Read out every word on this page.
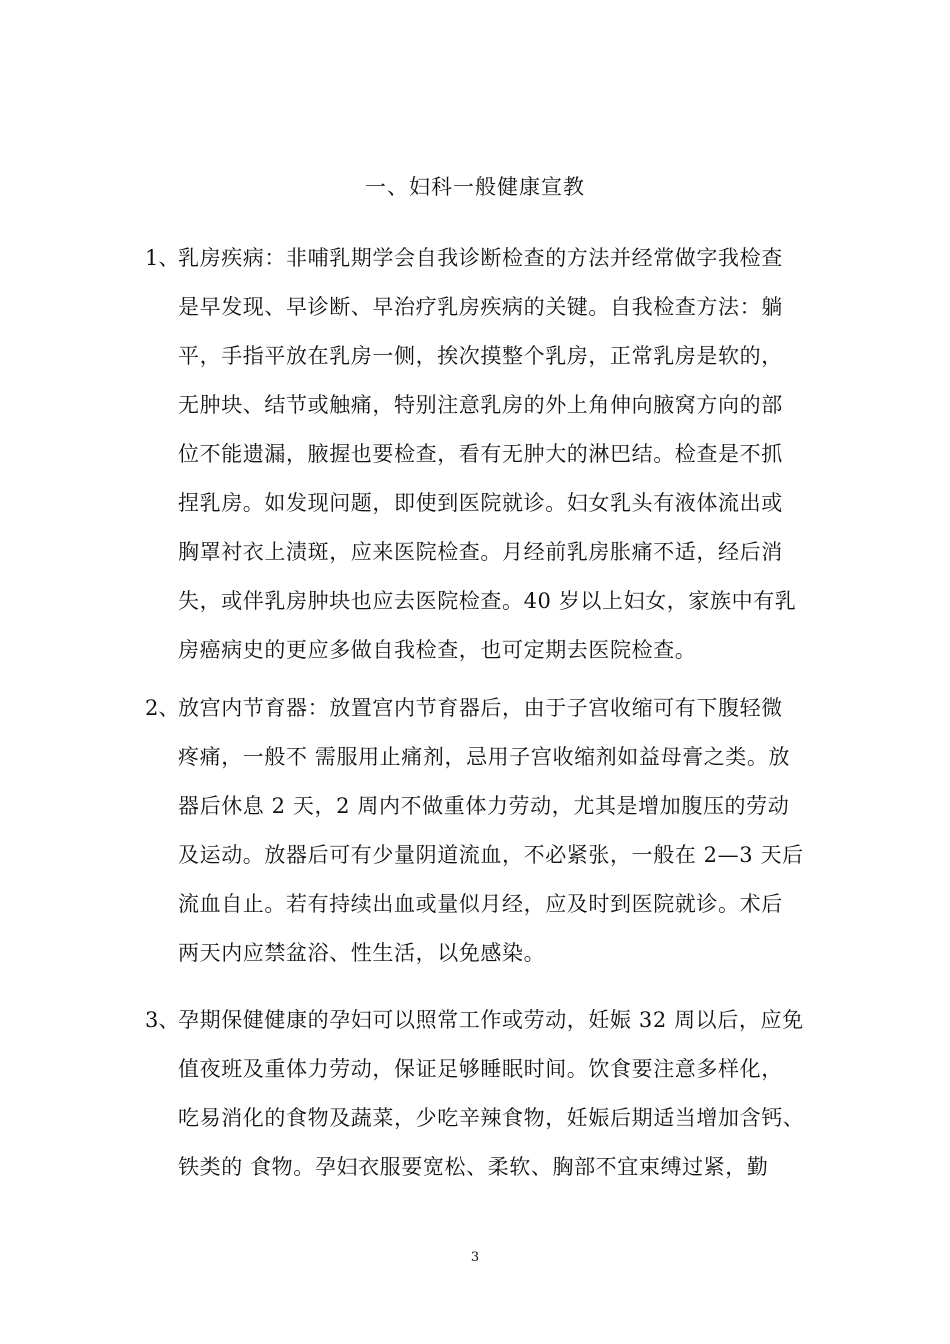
一、妇科一般健康宣教
1、
乳房疾病：非哺乳期学会自我诊断检查的方法并经常做字我检查
是早发现、早诊断、早治疗乳房疾病的关键。自我检查方法：躺
平，手指平放在乳房一侧，挨次摸整个乳房，正常乳房是软的，
无肿块、结节或触痛，特别注意乳房的外上角伸向腋窝方向的部
位不能遗漏，腋握也要检查，看有无肿大的淋巴结。检查是不抓
捏乳房。如发现问题，即使到医院就诊。妇女乳头有液体流出或
胸罩衬衣上渍斑，应来医院检查。月经前乳房胀痛不适，经后消
失，或伴乳房肿块也应去医院检查。40 岁以上妇女，家族中有乳
房癌病史的更应多做自我检查，也可定期去医院检查。
2、
放宫内节育器：放置宫内节育器后，由于子宫收缩可有下腹轻微
疼痛，一般不 需服用止痛剂，忌用子宫收缩剂如益母膏之类。放
器后休息 2 天，2 周内不做重体力劳动，尤其是增加腹压的劳动
及运动。放器后可有少量阴道流血，不必紧张，一般在 2—3 天后
流血自止。若有持续出血或量似月经，应及时到医院就诊。术后
两天内应禁盆浴、性生活，以免感染。
3、
孕期保健健康的孕妇可以照常工作或劳动，妊娠 32 周以后，应免
值夜班及重体力劳动，保证足够睡眠时间。饮食要注意多样化，
吃易消化的食物及蔬菜，少吃辛辣食物，妊娠后期适当增加含钙、
铁类的 食物。孕妇衣服要宽松、柔软、胸部不宜束缚过紧，勤
3
